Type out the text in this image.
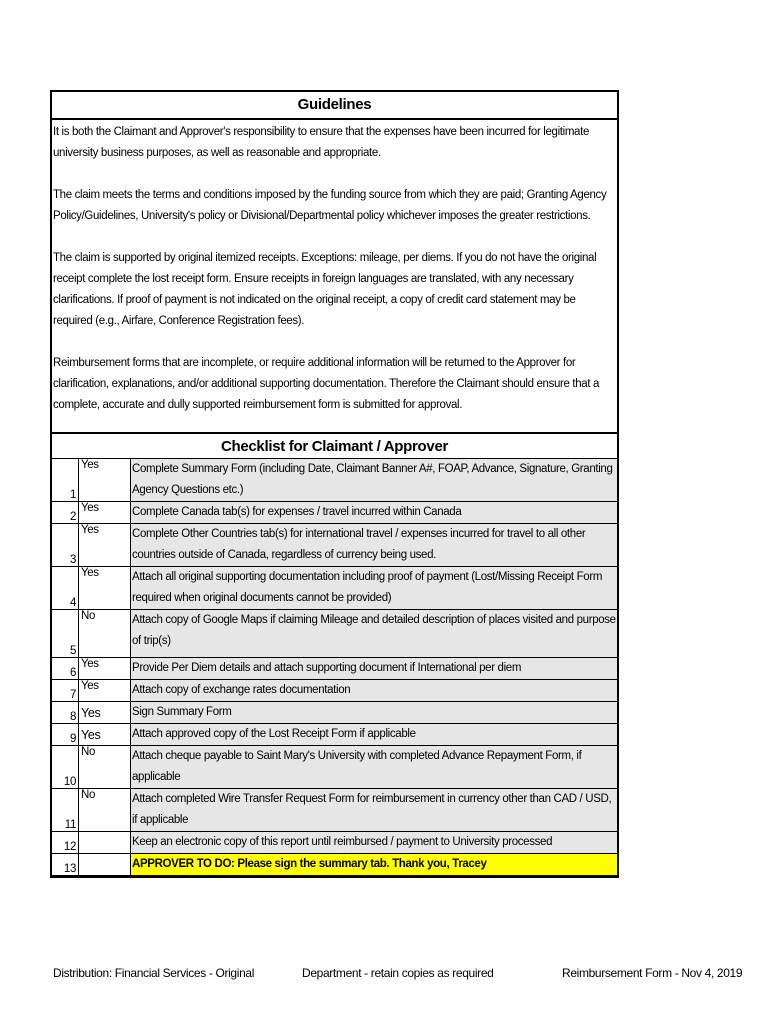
Guidelines

It is both the Claimant and Approver's responsibility to ensure that the expenses have been incurred for legitimate university business purposes, as well as reasonable and appropriate.

The claim meets the terms and conditions imposed by the funding source from which they are paid; Granting Agency Policy/Guidelines, University's policy or Divisional/Departmental policy whichever imposes the greater restrictions.

The claim is supported by original itemized receipts. Exceptions: mileage, per diems. If you do not have the original receipt complete the lost receipt form. Ensure receipts in foreign languages are translated, with any necessary clarifications. If proof of payment is not indicated on the original receipt, a copy of credit card statement may be required (e.g., Airfare, Conference Registration fees).

Reimbursement forms that are incomplete, or require additional information will be returned to the Approver for clarification, explanations, and/or additional supporting documentation. Therefore the Claimant should ensure that a complete, accurate and dully supported reimbursement form is submitted for approval.

Checklist for Claimant / Approver
1	Yes	Complete Summary Form (including Date, Claimant Banner A#, FOAP, Advance, Signature, Granting Agency Questions etc.)
2	Yes	Complete Canada tab(s) for expenses / travel incurred within Canada
3	Yes	Complete Other Countries tab(s) for international travel / expenses incurred for travel to all other countries outside of Canada, regardless of currency being used.
4	Yes	Attach all original supporting documentation including proof of payment (Lost/Missing Receipt Form required when original documents cannot be provided)
5	No	Attach copy of Google Maps if claiming Mileage and detailed description of places visited and purpose of trip(s)
6	Yes	Provide Per Diem details and attach supporting document if International per diem
7	Yes	Attach copy of exchange rates documentation
8	Yes	Sign Summary Form
9	Yes	Attach approved copy of the Lost Receipt Form if applicable
10	No	Attach cheque payable to Saint Mary's University with completed Advance Repayment Form, if applicable
11	No	Attach completed Wire Transfer Request Form for reimbursement in currency other than CAD / USD, if applicable
12		Keep an electronic copy of this report until reimbursed / payment to University processed
13		APPROVER TO DO: Please sign the summary tab. Thank you, Tracey
Distribution: Financial Services - Original	Department - retain copies as required	Reimbursement Form - Nov 4, 2019
